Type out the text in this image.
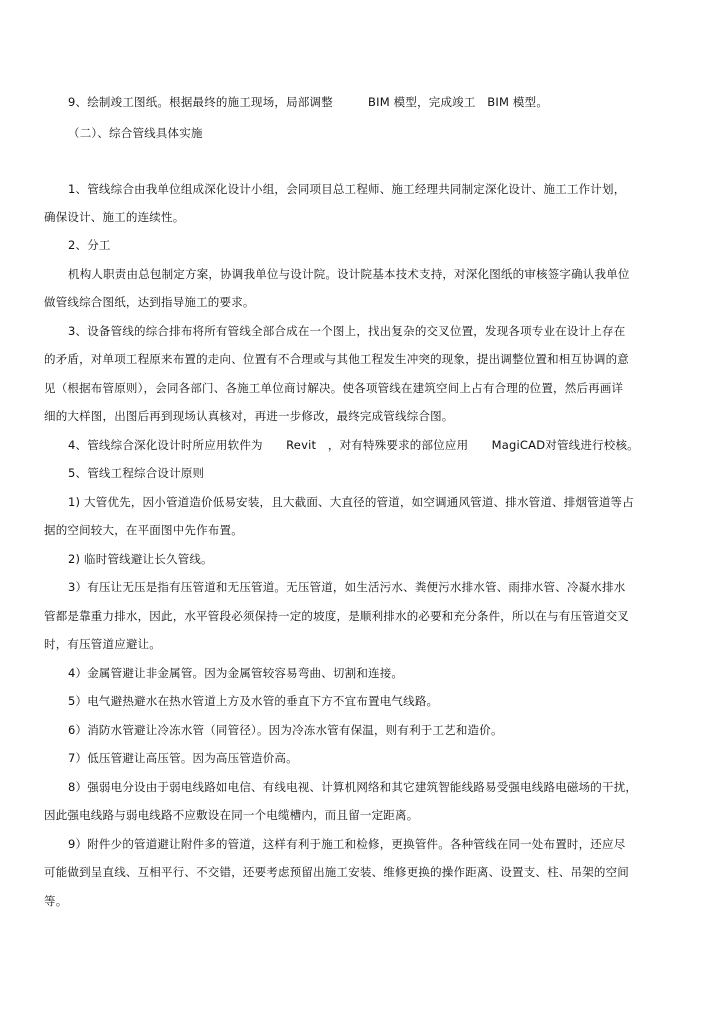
9、绘制竣工图纸。根据最终的施工现场，局部调整　　　BIM 模型，完成竣工　BIM 模型。
（二）、综合管线具体实施
1、管线综合由我单位组成深化设计小组，会同项目总工程师、施工经理共同制定深化设计、施工工作计划，
确保设计、施工的连续性。
2、分工
机构人职责由总包制定方案，协调我单位与设计院。设计院基本技术支持，对深化图纸的审核签字确认我单位
做管线综合图纸，达到指导施工的要求。
3、设备管线的综合排布将所有管线全部合成在一个图上，找出复杂的交叉位置，发现各项专业在设计上存在
的矛盾，对单项工程原来布置的走向、位置有不合理或与其他工程发生冲突的现象，提出调整位置和相互协调的意
见（根据布管原则），会同各部门、各施工单位商讨解决。使各项管线在建筑空间上占有合理的位置，然后再画详
细的大样图，出图后再到现场认真核对，再进一步修改，最终完成管线综合图。
4、管线综合深化设计时所应用软件为　　Revit　，对有特殊要求的部位应用　　MagiCAD对管线进行校核。
5、管线工程综合设计原则
1) 大管优先，因小管道造价低易安装，且大截面、大直径的管道，如空调通风管道、排水管道、排烟管道等占
据的空间较大，在平面图中先作布置。
2) 临时管线避让长久管线。
3）有压让无压是指有压管道和无压管道。无压管道，如生活污水、粪便污水排水管、雨排水管、冷凝水排水
管都是靠重力排水，因此，水平管段必须保持一定的坡度，是顺利排水的必要和充分条件，所以在与有压管道交叉
时，有压管道应避让。
4）金属管避让非金属管。因为金属管较容易弯曲、切割和连接。
5）电气避热避水在热水管道上方及水管的垂直下方不宜布置电气线路。
6）消防水管避让冷冻水管（同管径）。因为冷冻水管有保温，则有利于工艺和造价。
7）低压管避让高压管。因为高压管造价高。
8）强弱电分设由于弱电线路如电信、有线电视、计算机网络和其它建筑智能线路易受强电线路电磁场的干扰，
因此强电线路与弱电线路不应敷设在同一个电缆槽内，而且留一定距离。
9）附件少的管道避让附件多的管道，这样有利于施工和检修，更换管件。各种管线在同一处布置时，还应尽
可能做到呈直线、互相平行、不交错，还要考虑预留出施工安装、维修更换的操作距离、设置支、柱、吊架的空间
等。
